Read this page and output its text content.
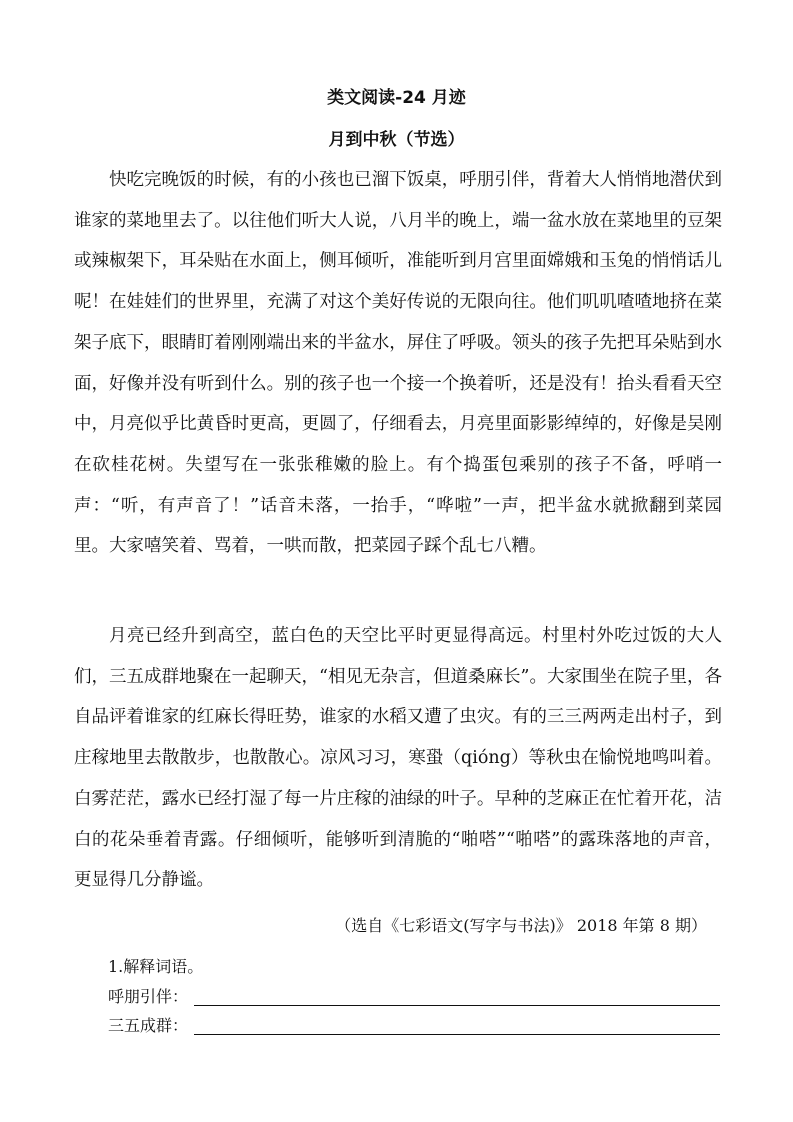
类文阅读-24 月迹
月到中秋（节选）

快吃完晚饭的时候，有的小孩也已溜下饭桌，呼朋引伴，背着大人悄悄地潜伏到谁家的菜地里去了。以往他们听大人说，八月半的晚上，端一盆水放在菜地里的豆架或辣椒架下，耳朵贴在水面上，侧耳倾听，准能听到月宫里面嫦娥和玉兔的悄悄话儿呢！在娃娃们的世界里，充满了对这个美好传说的无限向往。他们叽叽喳喳地挤在菜架子底下，眼睛盯着刚刚端出来的半盆水，屏住了呼吸。领头的孩子先把耳朵贴到水面，好像并没有听到什么。别的孩子也一个接一个换着听，还是没有！抬头看看天空中，月亮似乎比黄昏时更高，更圆了，仔细看去，月亮里面影影绰绰的，好像是吴刚在砍桂花树。失望写在一张张稚嫩的脸上。有个捣蛋包乘别的孩子不备，呼哨一声：“听，有声音了！”话音未落，一抬手，“哗啦”一声，把半盆水就掀翻到菜园里。大家嘻笑着、骂着，一哄而散，把菜园子踩个乱七八糟。

月亮已经升到高空，蓝白色的天空比平时更显得高远。村里村外吃过饭的大人们，三五成群地聚在一起聊天，“相见无杂言，但道桑麻长”。大家围坐在院子里，各自品评着谁家的红麻长得旺势，谁家的水稻又遭了虫灾。有的三三两两走出村子，到庄稼地里去散散步，也散散心。凉风习习，寒蛩（qióng）等秋虫在愉悦地鸣叫着。白雾茫茫，露水已经打湿了每一片庄稼的油绿的叶子。早种的芝麻正在忙着开花，洁白的花朵垂着青露。仔细倾听，能够听到清脆的“啪嗒”“啪嗒”的露珠落地的声音，更显得几分静谧。

（选自《七彩语文(写字与书法)》 2018 年第 8 期）
1.解释词语。
呼朋引伴：
三五成群：
